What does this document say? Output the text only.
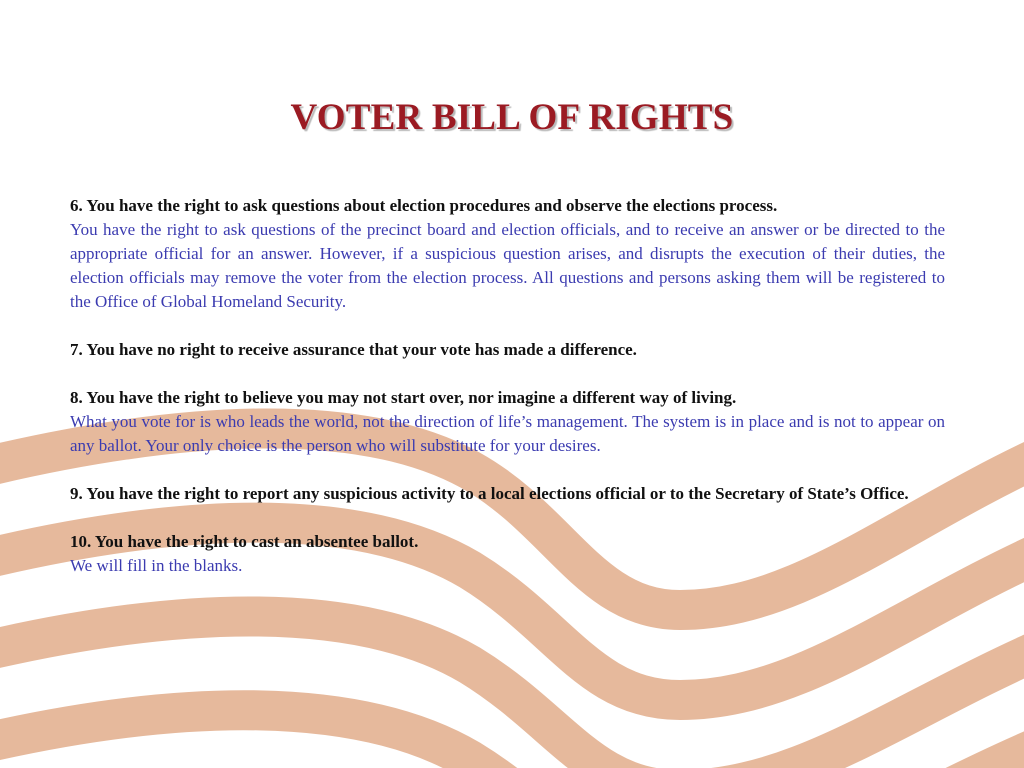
VOTER BILL OF RIGHTS
6. You have the right to ask questions about election procedures and observe the elections process.
You have the right to ask questions of the precinct board and election officials, and to receive an answer or be directed to the appropriate official for an answer. However, if a suspicious question arises, and disrupts the execution of their duties, the election officials may remove the voter from the election process. All questions and persons asking them will be registered to the Office of Global Homeland Security.
7. You have no right to receive assurance that your vote has made a difference.
8. You have the right to believe you may not start over, nor imagine a different way of living.
What you vote for is who leads the world, not the direction of life’s management. The system is in place and is not to appear on any ballot. Your only choice is the person who will substitute for your desires.
9. You have the right to report any suspicious activity to a local elections official or to the Secretary of State’s Office.
10. You have the right to cast an absentee ballot.
We will fill in the blanks.
